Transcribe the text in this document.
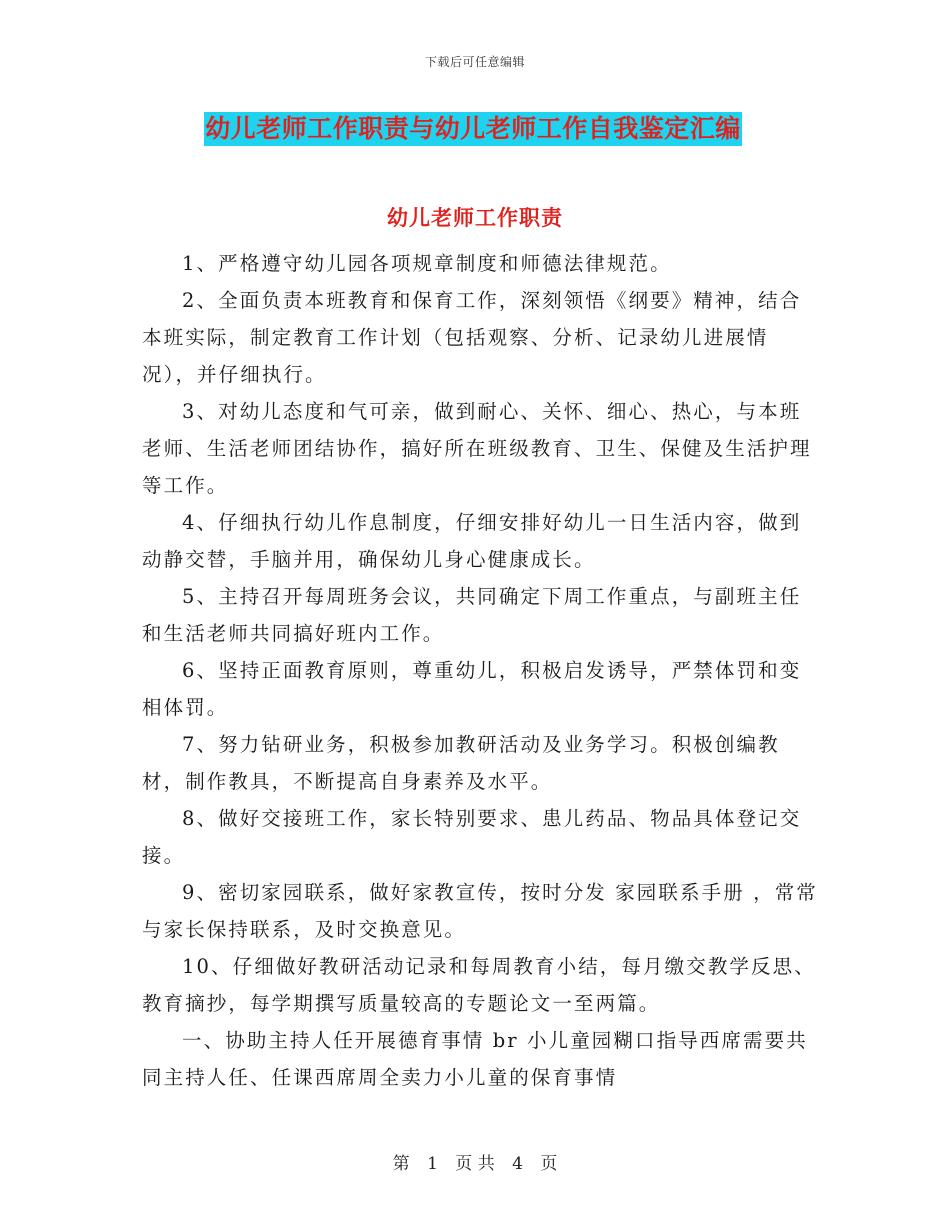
下载后可任意编辑
幼儿老师工作职责与幼儿老师工作自我鉴定汇编
幼儿老师工作职责

1、严格遵守幼儿园各项规章制度和师德法律规范。

2、全面负责本班教育和保育工作，深刻领悟《纲要》精神，结合本班实际，制定教育工作计划（包括观察、分析、记录幼儿进展情况），并仔细执行。

3、对幼儿态度和气可亲，做到耐心、关怀、细心、热心，与本班老师、生活老师团结协作，搞好所在班级教育、卫生、保健及生活护理等工作。

4、仔细执行幼儿作息制度，仔细安排好幼儿一日生活内容，做到动静交替，手脑并用，确保幼儿身心健康成长。

5、主持召开每周班务会议，共同确定下周工作重点，与副班主任和生活老师共同搞好班内工作。

6、坚持正面教育原则，尊重幼儿，积极启发诱导，严禁体罚和变相体罚。

7、努力钻研业务，积极参加教研活动及业务学习。积极创编教材，制作教具，不断提高自身素养及水平。

8、做好交接班工作，家长特别要求、患儿药品、物品具体登记交接。

9、密切家园联系，做好家教宣传，按时分发 家园联系手册 ，常常与家长保持联系，及时交换意见。

10、仔细做好教研活动记录和每周教育小结，每月缴交教学反思、教育摘抄，每学期撰写质量较高的专题论文一至两篇。

一、协助主持人任开展德育事情 br 小儿童园糊口指导西席需要共同主持人任、任课西席周全卖力小儿童的保育事情

第 1 页 共 4 页
